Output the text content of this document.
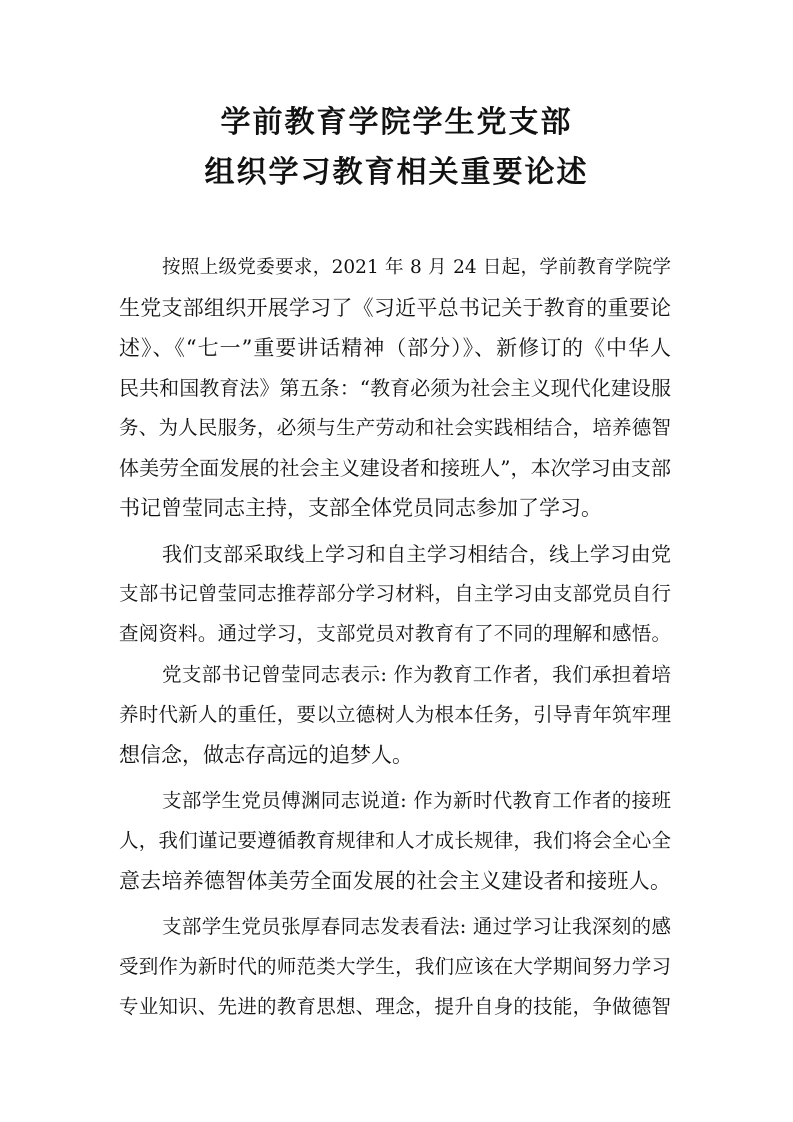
学前教育学院学生党支部
组织学习教育相关重要论述
按照上级党委要求，2021 年 8 月 24 日起，学前教育学院学
生党支部组织开展学习了《习近平总书记关于教育的重要论
述》、《“七一”重要讲话精神（部分）》、新修订的《中华人
民共和国教育法》第五条：“教育必须为社会主义现代化建设服
务、为人民服务，必须与生产劳动和社会实践相结合，培养德智
体美劳全面发展的社会主义建设者和接班人”，本次学习由支部
书记曾莹同志主持，支部全体党员同志参加了学习。
我们支部采取线上学习和自主学习相结合，线上学习由党
支部书记曾莹同志推荐部分学习材料，自主学习由支部党员自行
查阅资料。通过学习，支部党员对教育有了不同的理解和感悟。
党支部书记曾莹同志表示: 作为教育工作者，我们承担着培
养时代新人的重任，要以立德树人为根本任务，引导青年筑牢理
想信念，做志存高远的追梦人。
支部学生党员傅渊同志说道: 作为新时代教育工作者的接班
人，我们谨记要遵循教育规律和人才成长规律，我们将会全心全
意去培养德智体美劳全面发展的社会主义建设者和接班人。
支部学生党员张厚春同志发表看法: 通过学习让我深刻的感
受到作为新时代的师范类大学生，我们应该在大学期间努力学习
专业知识、先进的教育思想、理念，提升自身的技能，争做德智
